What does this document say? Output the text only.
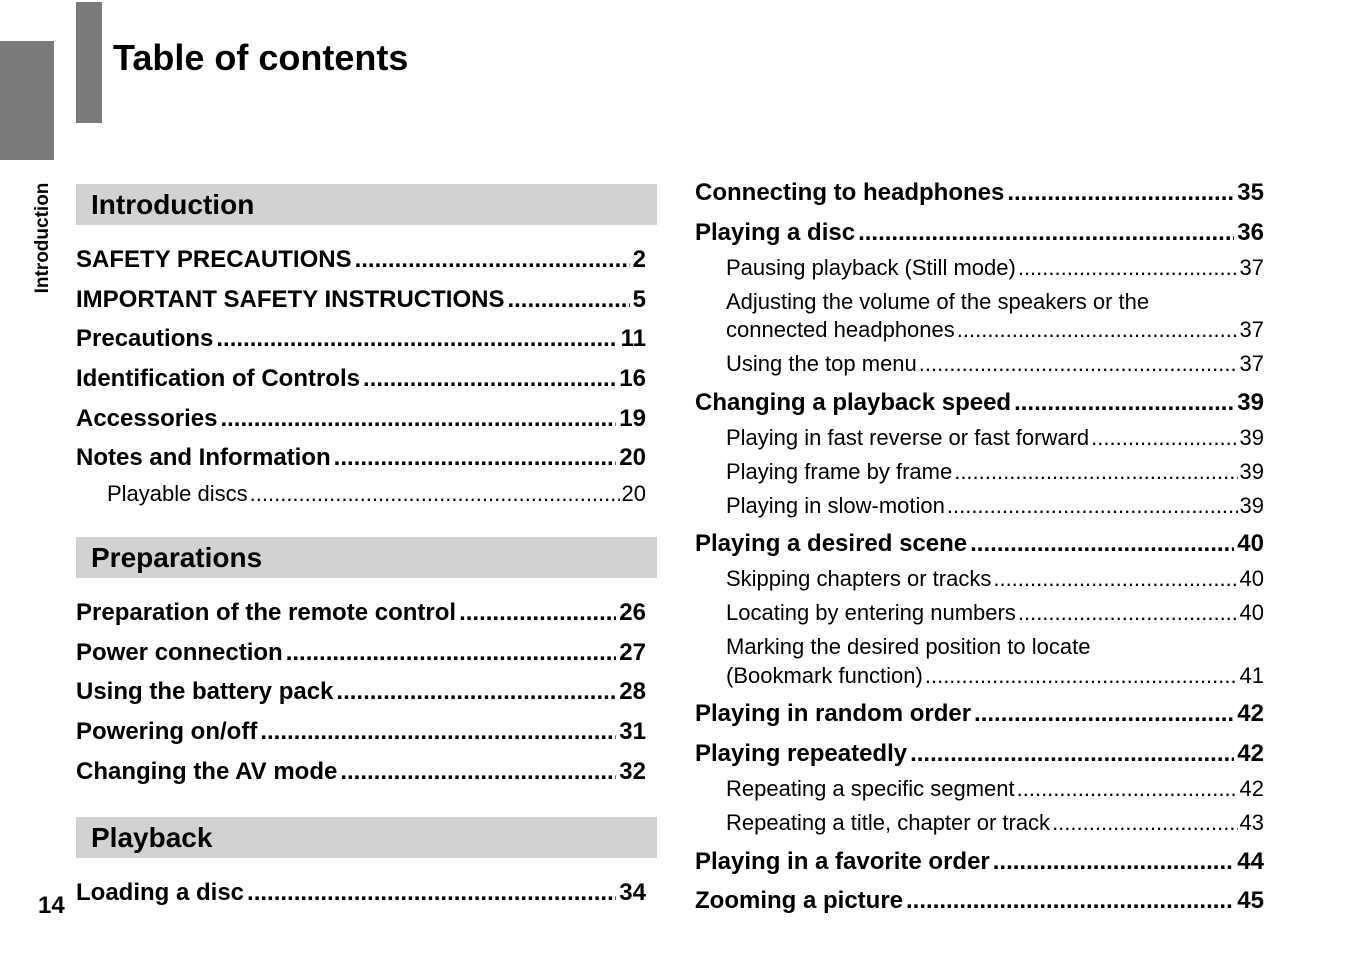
Introduction
Table of contents
14
Introduction
SAFETY PRECAUTIONS .....	2
IMPORTANT SAFETY INSTRUCTIONS .....	5
Precautions .....	11
Identification of Controls .....	16
Accessories .....	19
Notes and Information .....	20
Playable discs .....	20
Preparations
Preparation of the remote control .....	26
Power connection .....	27
Using the battery pack .....	28
Powering on/off .....	31
Changing the AV mode .....	32
Playback
Loading a disc .....	34
Connecting to headphones .....	35
Playing a disc .....	36
Pausing playback (Still mode) .....	37
Adjusting the volume of the speakers or the
connected headphones .....	37
Using the top menu .....	37
Changing a playback speed .....	39
Playing in fast reverse or fast forward .....	39
Playing frame by frame .....	39
Playing in slow-motion .....	39
Playing a desired scene .....	40
Skipping chapters or tracks .....	40
Locating by entering numbers .....	40
Marking the desired position to locate
(Bookmark function) .....	41
Playing in random order .....	42
Playing repeatedly .....	42
Repeating a specific segment .....	42
Repeating a title, chapter or track .....	43
Playing in a favorite order .....	44
Zooming a picture .....	45
